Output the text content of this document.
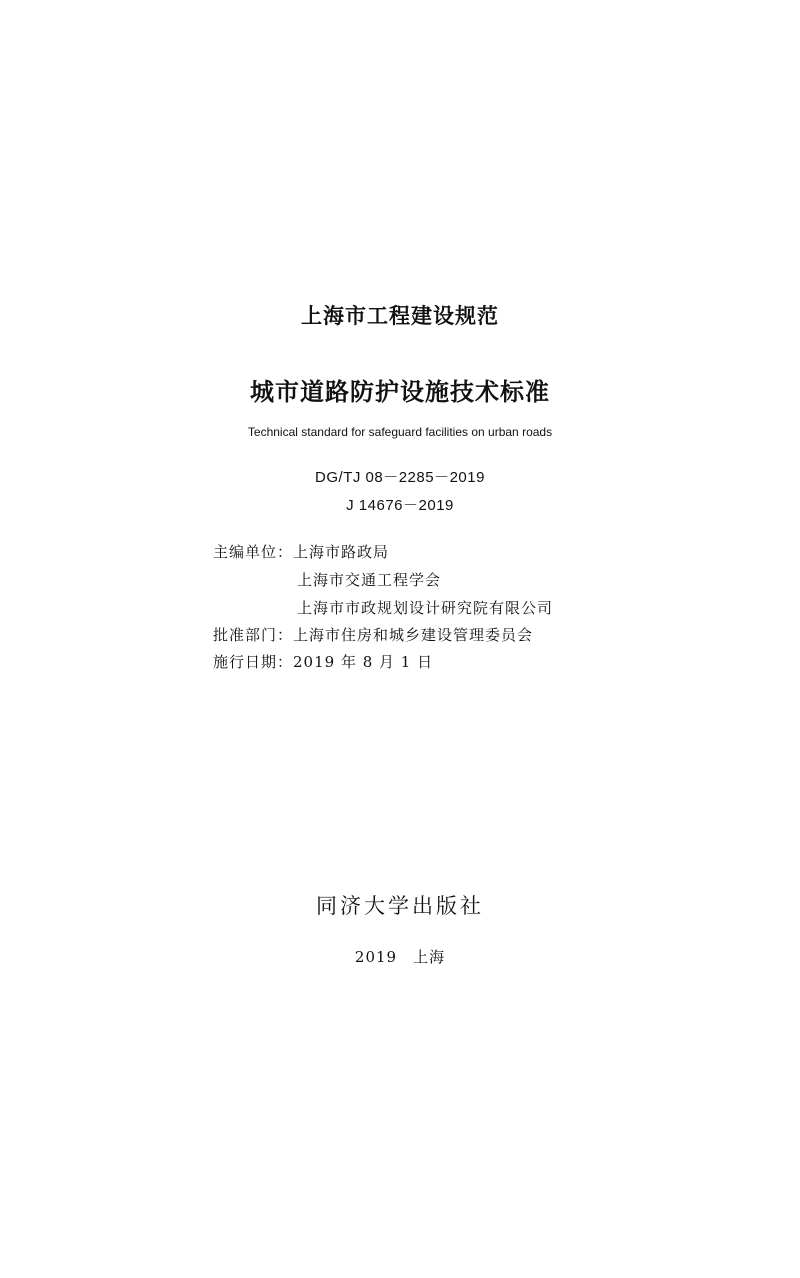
上海市工程建设规范
城市道路防护设施技术标准
Technical standard for safeguard facilities on urban roads
DG/TJ 08－2285－2019
J 14676－2019
主编单位：上海市路政局
上海市交通工程学会
上海市市政规划设计研究院有限公司
批准部门：上海市住房和城乡建设管理委员会
施行日期：2019 年 8 月 1 日
同济大学出版社
2019　上海
